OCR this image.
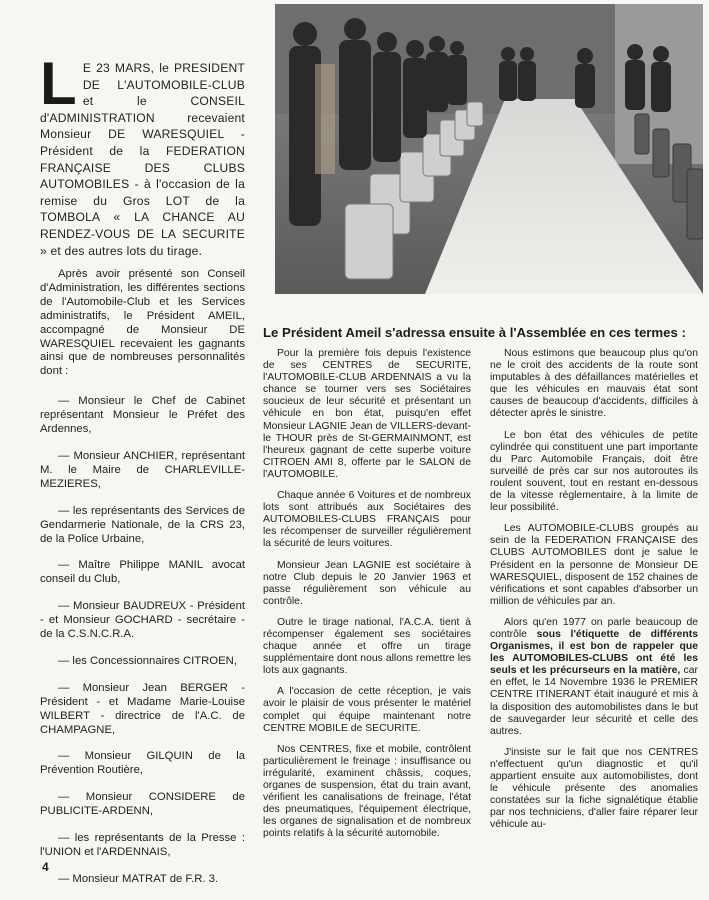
L E 23 MARS, le PRESIDENT DE L'AUTOMOBILE-CLUB et le CONSEIL d'ADMINISTRATION recevaient Monsieur DE WARESQUIEL - Président de la FEDERATION FRANÇAISE DES CLUBS AUTOMOBILES - à l'occasion de la remise du Gros LOT de la TOMBOLA « LA CHANCE AU RENDEZ-VOUS DE LA SECURITE » et des autres lots du tirage.

Après avoir présenté son Conseil d'Administration, les différentes sections de l'Automobile-Club et les Services administratifs, le Président AMEIL, accompagné de Monsieur DE WARESQUIEL recevaient les gagnants ainsi que de nombreuses personnalités dont :

— Monsieur le Chef de Cabinet représentant Monsieur le Préfet des Ardennes,

— Monsieur ANCHIER, représentant M. le Maire de CHARLEVILLE-MEZIERES,

— les représentants des Services de Gendarmerie Nationale, de la CRS 23, de la Police Urbaine,

— Maître Philippe MANIL avocat conseil du Club,

— Monsieur BAUDREUX - Président - et Monsieur GOCHARD - secrétaire - de la C.S.N.C.R.A.

— les Concessionnaires CITROEN,

— Monsieur Jean BERGER - Président - et Madame Marie-Louise WILBERT - directrice de l'A.C. de CHAMPAGNE,

— Monsieur GILQUIN de la Prévention Routière,

— Monsieur CONSIDERE de PUBLICITE-ARDENN,

— les représentants de la Presse : l'UNION et l'ARDENNAIS,

— Monsieur MATRAT de F.R. 3.

Le Président Ameil s'adressa ensuite à l'Assemblée en ces termes :

Pour la première fois depuis l'existence de ses CENTRES de SECURITE, l'AUTOMOBILE-CLUB ARDENNAIS a vu la chance se tourner vers ses Sociétaires soucieux de leur sécurité et présentant un véhicule en bon état, puisqu'en effet Monsieur LAGNIE Jean de VILLERS-devant-le THOUR près de St-GERMAINMONT, est l'heureux gagnant de cette superbe voiture CITROEN AMI 8, offerte par le SALON de l'AUTOMOBILE.

Chaque année 6 Voitures et de nombreux lots sont attribués aux Sociétaires des AUTOMOBILES-CLUBS FRANÇAIS pour les récompenser de surveiller régulièrement la sécurité de leurs voitures.

Monsieur Jean LAGNIE est sociétaire à notre Club depuis le 20 Janvier 1963 et passe régulièrement son véhicule au contrôle.

Outre le tirage national, l'A.C.A. tient à récompenser également ses sociétaires chaque année et offre un tirage supplémentaire dont nous allons remettre les lots aux gagnants.

A l'occasion de cette réception, je vais avoir le plaisir de vous présenter le matériel complet qui équipe maintenant notre CENTRE MOBILE de SECURITE.

Nos CENTRES, fixe et mobile, contrôlent particulièrement le freinage : insuffisance ou irrégularité, examinent châssis, coques, organes de suspension, état du train avant, vérifient les canalisations de freinage, l'état des pneumatiques, l'équipement électrique, les organes de signalisation et de nombreux points relatifs à la sécurité automobile.

Nous estimons que beaucoup plus qu'on ne le croit des accidents de la route sont imputables à des défaillances matérielles et que les véhicules en mauvais état sont causes de beaucoup d'accidents, difficiles à détecter après le sinistre.

Le bon état des véhicules de petite cylindrée qui constituent une part importante du Parc Automobile Français, doit être surveillé de près car sur nos autoroutes ils roulent souvent, tout en restant en-dessous de la vitesse réglementaire, à la limite de leur possibilité.

Les AUTOMOBILE-CLUBS groupés au sein de la FEDERATION FRANÇAISE des CLUBS AUTOMOBILES dont je salue le Président en la personne de Monsieur DE WARESQUIEL, disposent de 152 chaines de vérifications et sont capables d'absorber un million de véhicules par an.

Alors qu'en 1977 on parle beaucoup de contrôle sous l'étiquette de différents Organismes, il est bon de rappeler que les AUTOMOBILES-CLUBS ont été les seuls et les précurseurs en la matière, car en effet, le 14 Novembre 1936 le PREMIER CENTRE ITINERANT était inauguré et mis à la disposition des automobilistes dans le but de sauvegarder leur sécurité et celle des autres.

J'insiste sur le fait que nos CENTRES n'effectuent qu'un diagnostic et qu'il appartient ensuite aux automobilistes, dont le véhicule présente des anomalies constatées sur la fiche signalétique établie par nos techniciens, d'aller faire réparer leur véhicule au-

4
